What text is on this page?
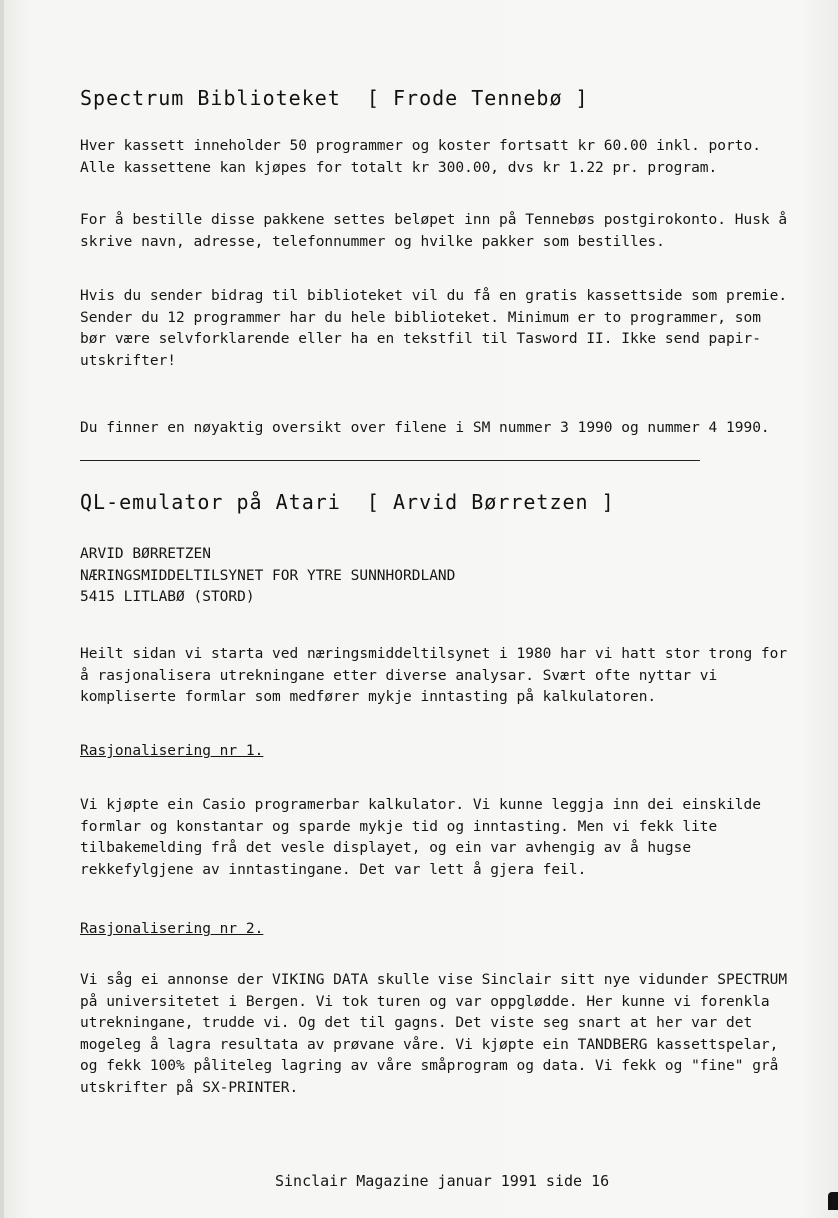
Spectrum Biblioteket  [ Frode Tennebø ]
Hver kassett inneholder 50 programmer og koster fortsatt kr 60.00 inkl. porto.
Alle kassettene kan kjøpes for totalt kr 300.00, dvs kr 1.22 pr. program.
For å bestille disse pakkene settes beløpet inn på Tennebøs postgirokonto. Husk å
skrive navn, adresse, telefonnummer og hvilke pakker som bestilles.
Hvis du sender bidrag til biblioteket vil du få en gratis kassettside som premie.
Sender du 12 programmer har du hele biblioteket. Minimum er to programmer, som
bør være selvforklarende eller ha en tekstfil til Tasword II. Ikke send papir-
utskrifter!
Du finner en nøyaktig oversikt over filene i SM nummer 3 1990 og nummer 4 1990.
QL-emulator på Atari  [ Arvid Børretzen ]
ARVID BØRRETZEN
NÆRINGSMIDDELTILSYNET FOR YTRE SUNNHORDLAND
5415 LITLABØ (STORD)
Heilt sidan vi starta ved næringsmiddeltilsynet i 1980 har vi hatt stor trong for
å rasjonalisera utrekningane etter diverse analysar. Svært ofte nyttar vi
kompliserte formlar som medfører mykje inntasting på kalkulatoren.
Rasjonalisering nr 1.
Vi kjøpte ein Casio programerbar kalkulator. Vi kunne leggja inn dei einskilde
formlar og konstantar og sparde mykje tid og inntasting. Men vi fekk lite
tilbakemelding frå det vesle displayet, og ein var avhengig av å hugse
rekkefylgjene av inntastingane. Det var lett å gjera feil.
Rasjonalisering nr 2.
Vi såg ei annonse der VIKING DATA skulle vise Sinclair sitt nye vidunder SPECTRUM
på universitetet i Bergen. Vi tok turen og var oppglødde. Her kunne vi forenkla
utrekningane, trudde vi. Og det til gagns. Det viste seg snart at her var det
mogeleg å lagra resultata av prøvane våre. Vi kjøpte ein TANDBERG kassettspelar,
og fekk 100% påliteleg lagring av våre småprogram og data. Vi fekk og "fine" grå
utskrifter på SX-PRINTER.
Sinclair Magazine januar 1991 side 16
